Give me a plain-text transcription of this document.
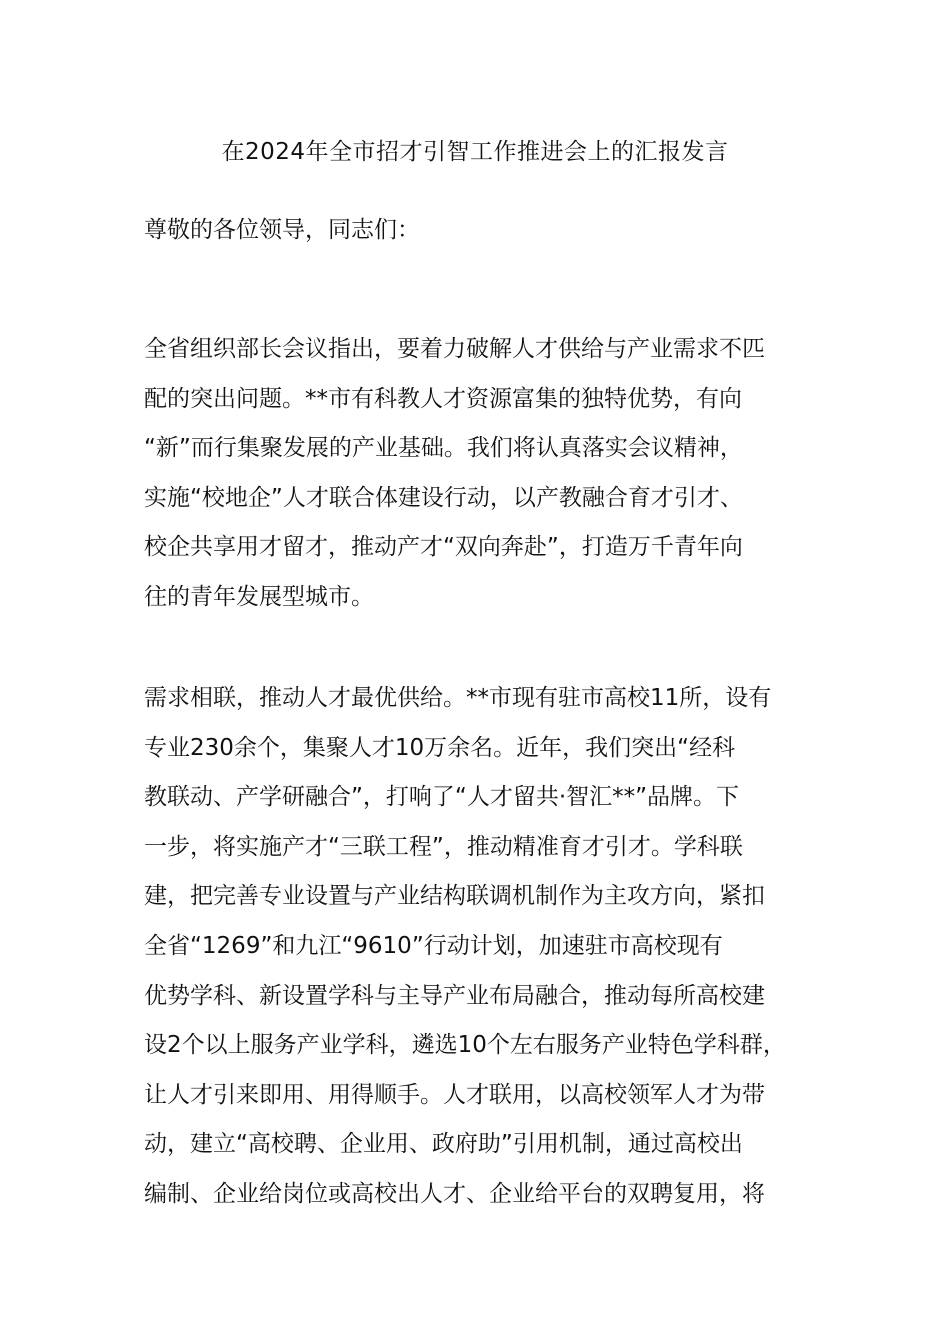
在2024年全市招才引智工作推进会上的汇报发言
尊敬的各位领导，同志们：
全省组织部长会议指出，要着力破解人才供给与产业需求不匹
配的突出问题。**市有科教人才资源富集的独特优势，有向
“新”而行集聚发展的产业基础。我们将认真落实会议精神，
实施“校地企”人才联合体建设行动，以产教融合育才引才、
校企共享用才留才，推动产才“双向奔赴”，打造万千青年向
往的青年发展型城市。
需求相联，推动人才最优供给。**市现有驻市高校11所，设有
专业230余个，集聚人才10万余名。近年，我们突出“经科
教联动、产学研融合”，打响了“人才留共·智汇**”品牌。下
一步，将实施产才“三联工程”，推动精准育才引才。学科联
建，把完善专业设置与产业结构联调机制作为主攻方向，紧扣
全省“1269”和九江“9610”行动计划，加速驻市高校现有
优势学科、新设置学科与主导产业布局融合，推动每所高校建
设2个以上服务产业学科，遴选10个左右服务产业特色学科群，
让人才引来即用、用得顺手。人才联用，以高校领军人才为带
动，建立“高校聘、企业用、政府助”引用机制，通过高校出
编制、企业给岗位或高校出人才、企业给平台的双聘复用，将
